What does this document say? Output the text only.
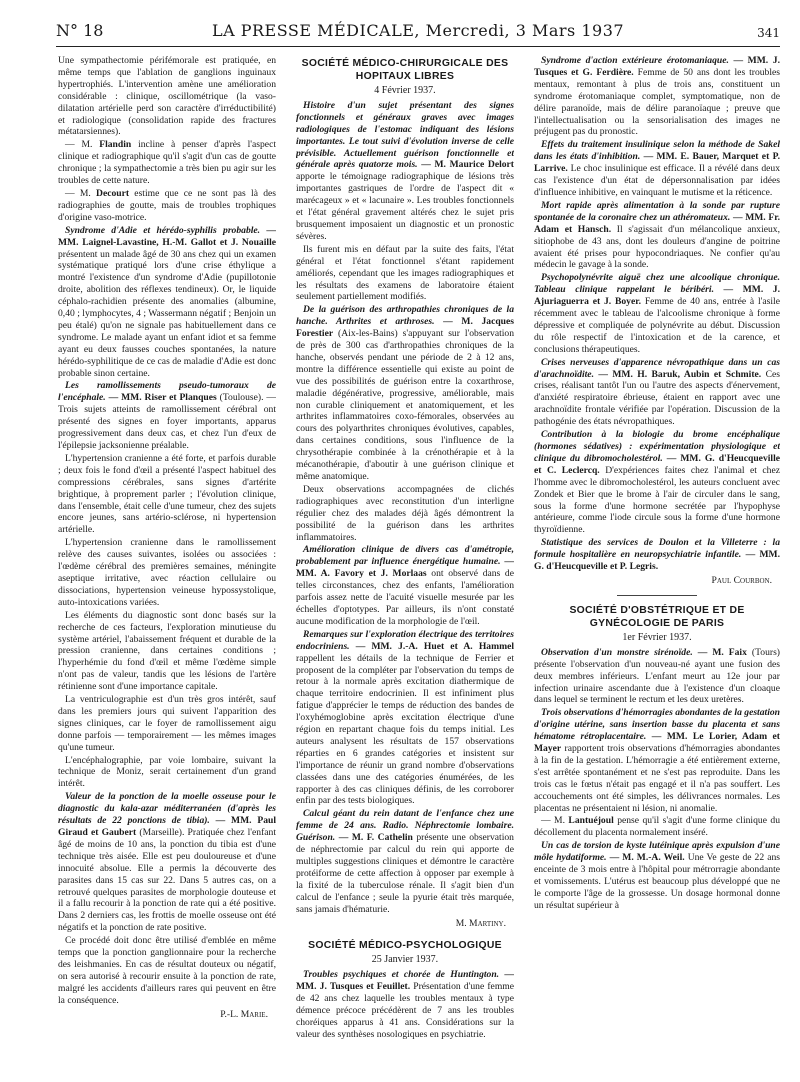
N° 18	LA PRESSE MÉDICALE, Mercredi, 3 Mars 1937	341

Une sympathectomie périfémorale est pratiquée, en même temps que l'ablation de ganglions inguinaux hypertrophiés. L'intervention amène une amélioration considérable : clinique, oscillométrique (la vaso-dilatation artérielle perd son caractère d'irréductibilité) et radiologique (consolidation rapide des fractures métatarsiennes).

— M. Flandin incline à penser d'après l'aspect clinique et radiographique qu'il s'agit d'un cas de goutte chronique ; la sympathectomie a très bien pu agir sur les troubles de cette nature.

— M. Decourt estime que ce ne sont pas là des radiographies de goutte, mais de troubles trophiques d'origine vaso-motrice.

Syndrome d'Adie et hérédo-syphilis probable. — MM. Laignel-Lavastine, H.-M. Gallot et J. Nouaille présentent un malade âgé de 30 ans chez qui un examen systématique pratiqué lors d'une crise éthylique a montré l'existence d'un syndrome d'Adie (pupillotonie droite, abolition des réflexes tendineux). Or, le liquide céphalo-rachidien présente des anomalies (albumine, 0,40 ; lymphocytes, 4 ; Wassermann négatif ; Benjoin un peu étalé) qu'on ne signale pas habituellement dans ce syndrome. Le malade ayant un enfant idiot et sa femme ayant eu deux fausses couches spontanées, la nature hérédo-syphilitique de ce cas de maladie d'Adie est donc probable sinon certaine.

Les ramollissements pseudo-tumoraux de l'encéphale. — MM. Riser et Planques (Toulouse). — Trois sujets atteints de ramollissement cérébral ont présenté des signes en foyer importants, apparus progressivement dans deux cas, et chez l'un d'eux de l'épilepsie jacksonienne préalable.

L'hypertension cranienne a été forte, et parfois durable ; deux fois le fond d'œil a présenté l'aspect habituel des compressions cérébrales, sans signes d'artérite brightique, à proprement parler ; l'évolution clinique, dans l'ensemble, était celle d'une tumeur, chez des sujets encore jeunes, sans artério-sclérose, ni hypertension artérielle.

L'hypertension cranienne dans le ramollissement relève des causes suivantes, isolées ou associées : l'œdème cérébral des premières semaines, méningite aseptique irritative, avec réaction cellulaire ou dissociations, hypertension veineuse hypossystolique, auto-intoxications variées.

Les éléments du diagnostic sont donc basés sur la recherche de ces facteurs, l'exploration minutieuse du système artériel, l'abaissement fréquent et durable de la pression cranienne, dans certaines conditions ; l'hyperhémie du fond d'œil et même l'œdème simple n'ont pas de valeur, tandis que les lésions de l'artère rétinienne sont d'une importance capitale.

La ventriculographie est d'un très gros intérêt, sauf dans les premiers jours qui suivent l'apparition des signes cliniques, car le foyer de ramollissement aigu donne parfois — temporairement — les mêmes images qu'une tumeur.

L'encéphalographie, par voie lombaire, suivant la technique de Moniz, serait certainement d'un grand intérêt.

Valeur de la ponction de la moelle osseuse pour le diagnostic du kala-azar méditerranéen (d'après les résultats de 22 ponctions de tibia). — MM. Paul Giraud et Gaubert (Marseille). Pratiquée chez l'enfant âgé de moins de 10 ans, la ponction du tibia est d'une technique très aisée. Elle est peu douloureuse et d'une innocuité absolue. Elle a permis la découverte des parasites dans 15 cas sur 22. Dans 5 autres cas, on a retrouvé quelques parasites de morphologie douteuse et il a fallu recourir à la ponction de rate qui a été positive. Dans 2 derniers cas, les frottis de moelle osseuse ont été négatifs et la ponction de rate positive.

Ce procédé doit donc être utilisé d'emblée en même temps que la ponction ganglionnaire pour la recherche des leishmanies. En cas de résultat douteux ou négatif, on sera autorisé à recourir ensuite à la ponction de rate, malgré les accidents d'ailleurs rares qui peuvent en être la conséquence.

P.-L. Marie.
SOCIÉTÉ MÉDICO-CHIRURGICALE DES HOPITAUX LIBRES
4 Février 1937.

Histoire d'un sujet présentant des signes fonctionnels et généraux graves avec images radiologiques de l'estomac indiquant des lésions importantes. Le tout suivi d'évolution inverse de celle prévisible. Actuellement guérison fonctionnelle et générale après quatorze mois. — M. Maurice Delort apporte le témoignage radiographique de lésions très importantes gastriques de l'ordre de l'aspect dit « marécageux » et « lacunaire ». Les troubles fonctionnels et l'état général gravement altérés chez le sujet pris brusquement imposaient un diagnostic et un pronostic sévères.

Ils furent mis en défaut par la suite des faits, l'état général et l'état fonctionnel s'étant rapidement améliorés, cependant que les images radiographiques et les résultats des examens de laboratoire étaient seulement partiellement modifiés.

De la guérison des arthropathies chroniques de la hanche. Arthrites et arthroses. — M. Jacques Forestier (Aix-les-Bains) s'appuyant sur l'observation de près de 300 cas d'arthropathies chroniques de la hanche, observés pendant une période de 2 à 12 ans, montre la différence essentielle qui existe au point de vue des possibilités de guérison entre la coxarthrose, maladie dégénérative, progressive, améliorable, mais non curable cliniquement et anatomiquement, et les arthrites inflammatoires coxo-fémorales, observées au cours des polyarthrites chroniques évolutives, capables, dans certaines conditions, sous l'influence de la chrysothérapie combinée à la crénothérapie et à la mécanothérapie, d'aboutir à une guérison clinique et même anatomique.

Deux observations accompagnées de clichés radiographiques avec reconstitution d'un interligne régulier chez des malades déjà âgés démontrent la possibilité de la guérison dans les arthrites inflammatoires.

Amélioration clinique de divers cas d'amétropie, probablement par influence énergétique humaine. — MM. A. Favory et J. Morlaas ont observé dans de telles circonstances, chez des enfants, l'amélioration parfois assez nette de l'acuité visuelle mesurée par les échelles d'optotypes. Par ailleurs, ils n'ont constaté aucune modification de la morphologie de l'œil.

Remarques sur l'exploration électrique des territoires endocriniens. — MM. J.-A. Huet et A. Hammel rappellent les détails de la technique de Ferrier et proposent de la compléter par l'observation du temps de retour à la normale après excitation diathermique de chaque territoire endocrinien. Il est infiniment plus fatigue d'apprécier le temps de réduction des bandes de l'oxyhémoglobine après excitation électrique d'une région en repartant chaque fois du temps initial. Les auteurs analysent les résultats de 157 observations réparties en 6 grandes catégories et insistent sur l'importance de réunir un grand nombre d'observations classées dans une des catégories énumérées, de les rapporter à des cas cliniques définis, de les corroborer enfin par des tests biologiques.

Calcul géant du rein datant de l'enfance chez une femme de 24 ans. Radio. Néphrectomie lombaire. Guérison. — M. F. Cathelin présente une observation de néphrectomie par calcul du rein qui apporte de multiples suggestions cliniques et démontre le caractère protéiforme de cette affection à opposer par exemple à la fixité de la tuberculose rénale. Il s'agit bien d'un calcul de l'enfance ; seule la pyurie était très marquée, sans jamais d'hématurie.

M. Martiny.
SOCIÉTÉ MÉDICO-PSYCHOLOGIQUE
25 Janvier 1937.

Troubles psychiques et chorée de Huntington. — MM. J. Tusques et Feuillet. Présentation d'une femme de 42 ans chez laquelle les troubles mentaux à type démence précoce précédèrent de 7 ans les troubles choréiques apparus à 41 ans. Considérations sur la valeur des synthèses nosologiques en psychiatrie.

Syndrome d'action extérieure érotomaniaque. — MM. J. Tusques et G. Ferdière. Femme de 50 ans dont les troubles mentaux, remontant à plus de trois ans, constituent un syndrome érotomaniaque complet, symptomatique, non de délire paranoïde, mais de délire paranoïaque ; preuve que l'intellectualisation ou la sensorialisation des images ne préjugent pas du pronostic.

Effets du traitement insulinique selon la méthode de Sakel dans les états d'inhibition. — MM. E. Bauer, Marquet et P. Larrive. Le choc insulinique est efficace. Il a révélé dans deux cas l'existence d'un état de dépersonnalisation par idées d'influence inhibitive, en vainquant le mutisme et la réticence.

Mort rapide après alimentation à la sonde par rupture spontanée de la coronaire chez un athéromateux. — MM. Fr. Adam et Hansch. Il s'agissait d'un mélancolique anxieux, sitiophobe de 43 ans, dont les douleurs d'angine de poitrine avaient été prises pour hypocondriaques. Ne confier qu'au médecin le gavage à la sonde.

Psychopolynévrite aiguë chez une alcoolique chronique. Tableau clinique rappelant le béribéri. — MM. J. Ajuriaguerra et J. Boyer. Femme de 40 ans, entrée à l'asile récemment avec le tableau de l'alcoolisme chronique à forme dépressive et compliquée de polynévrite au début. Discussion du rôle respectif de l'intoxication et de la carence, et conclusions thérapeutiques.

Crises nerveuses d'apparence névropathique dans un cas d'arachnoïdite. — MM. H. Baruk, Aubin et Schmite. Ces crises, réalisant tantôt l'un ou l'autre des aspects d'énervement, d'anxiété respiratoire ébrieuse, étaient en rapport avec une arachnoïdite frontale vérifiée par l'opération. Discussion de la pathogénie des états névropathiques.

Contribution à la biologie du brome encéphalique (hormones sédatives) : expérimentation physiologique et clinique du dibromocholestérol. — MM. G. d'Heucqueville et C. Leclercq. D'expériences faites chez l'animal et chez l'homme avec le dibromocholestérol, les auteurs concluent avec Zondek et Bier que le brome à l'air de circuler dans le sang, sous la forme d'une hormone secrétée par l'hypophyse antérieure, comme l'iode circule sous la forme d'une hormone thyroïdienne.

Statistique des services de Doulon et la Villeterre : la formule hospitalière en neuropsychiatrie infantile. — MM. G. d'Heucqueville et P. Legris.

Paul Courbon.
SOCIÉTÉ D'OBSTÉTRIQUE ET DE GYNÉCOLOGIE DE PARIS
1er Février 1937.

Observation d'un monstre sirénoïde. — M. Faix (Tours) présente l'observation d'un nouveau-né ayant une fusion des deux membres inférieurs. L'enfant meurt au 12e jour par infection urinaire ascendante due à l'existence d'un cloaque dans lequel se terminent le rectum et les deux uretères.

Trois observations d'hémorragies abondantes de la gestation d'origine utérine, sans insertion basse du placenta et sans hématome rétroplacentaire. — MM. Le Lorier, Adam et Mayer rapportent trois observations d'hémorragies abondantes à la fin de la gestation. L'hémorragie a été entièrement externe, s'est arrêtée spontanément et ne s'est pas reproduite. Dans les trois cas le fœtus n'était pas engagé et il n'a pas souffert. Les accouchements ont été simples, les délivrances normales. Les placentas ne présentaient ni lésion, ni anomalie.

— M. Lantuéjoul pense qu'il s'agit d'une forme clinique du décollement du placenta normalement inséré.

Un cas de torsion de kyste lutéinique après expulsion d'une môle hydatiforme. — M. M.-A. Weil. Une Ve geste de 22 ans enceinte de 3 mois entre à l'hôpital pour métrorragie abondante et vomissements. L'utérus est beaucoup plus développé que ne le comporte l'âge de la grossesse. Un dosage hormonal donne un résultat supérieur à
